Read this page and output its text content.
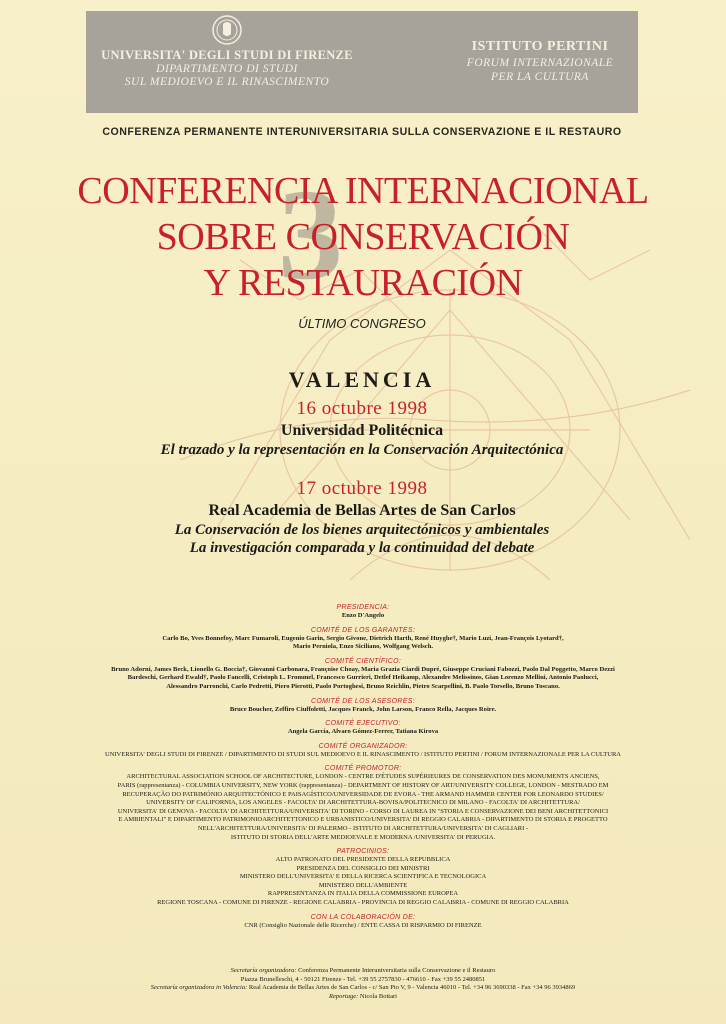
UNIVERSITA' DEGLI STUDI DI FIRENZE
DIPARTIMENTO DI STUDI
SUL MEDIOEVO E IL RINASCIMENTO
ISTITUTO PERTINI
FORUM INTERNAZIONALE
PER LA CULTURA
CONFERENZA PERMANENTE INTERUNIVERSITARIA SULLA CONSERVAZIONE E IL RESTAURO
3
CONFERENCIA INTERNACIONAL
SOBRE CONSERVACIÓN
Y RESTAURACIÓN
ÚLTIMO CONGRESO
VALENCIA
16 octubre 1998
Universidad Politécnica
El trazado y la representación en la Conservación Arquitectónica
17 octubre 1998
Real Academia de Bellas Artes de San Carlos
La Conservación de los bienes arquitectónicos y ambientales
La investigación comparada y la continuidad del debate
PRESIDENCIA:
Enzo D'Angelo
COMITÉ DE LOS GARANTES:
Carlo Bo, Yves Bonnefoy, Marc Fumaroli, Eugenio Garin, Sergio Givone, Dietrich Harth, René Huyghe†, Mario Luzi, Jean-François Lyotard†,
Mario Perniola, Enzo Siciliano, Wolfgang Welsch.
COMITÉ CIENTÍFICO:
Bruno Adorni, James Beck, Lionello G. Boccia†, Giovanni Carbonara, Françoise Choay, Maria Grazia Ciardi Dupré, Giuseppe Cruciani Fabozzi, Paolo Dal Poggetto, Marco Dezzi
Bardeschi, Gerhard Ewald†, Paolo Fancelli, Cristoph L. Frommel, Francesco Gurrieri, Detlef Heikamp, Alexandre Melissinos, Gian Lorenzo Mellini, Antonio Paolucci,
Alessandro Parronchi, Carlo Pedretti, Piero Pierotti, Paolo Portoghesi, Bruno Reichlin, Pietro Scarpellini, B. Paolo Torsello, Bruno Toscano.
COMITÉ DE LOS ASESORES:
Bruce Boucher, Zeffiro Ciuffoletti, Jacques Franck, John Larson, Franco Rella, Jacques Roire.
COMITÉ EJECUTIVO:
Angela García, Alvaro Gómez-Ferrer, Tatiana Kirova
COMITÉ ORGANIZADOR:
UNIVERSITA' DEGLI STUDI DI FIRENZE / DIPARTIMENTO DI STUDI SUL MEDIOEVO E IL RINASCIMENTO / ISTITUTO PERTINI / FORUM INTERNAZIONALE PER LA CULTURA
COMITÉ PROMOTOR:
ARCHITECTURAL ASSOCIATION SCHOOL OF ARCHITECTURE, LONDON - CENTRE D'ÉTUDES SUPÉRIEURES DE CONSERVATION DES MONUMENTS ANCIENS,
PARIS (rappresentanza) - COLUMBIA UNIVERSITY, NEW YORK (rappresentanza) - DEPARTMENT OF HISTORY OF ART/UNIVERSITY COLLEGE, LONDON - MESTRADO EM
RECUPERAÇÃO DO PATRIMÓNIO ARQUITECTÓNICO E PAISAGÍSTICO/UNIVERSIDADE DE EVORA - THE ARMAND HAMMER CENTER FOR LEONARDO STUDIES/
UNIVERSITY OF CALIFORNIA, LOS ANGELES - FACOLTA' DI ARCHITETTURA-BOVISA/POLITECNICO DI MILANO - FACOLTA' DI ARCHITETTURA/
UNIVERSITA' DI GENOVA - FACOLTA' DI ARCHITETTURA/UNIVERSITA' DI TORINO - CORSO DI LAUREA IN "STORIA E CONSERVAZIONE DEI BENI ARCHITETTONICI
E AMBIENTALI" E DIPARTIMENTO PATRIMONIOARCHITETTONICO E URBANISTICO/UNIVERSITA' DI REGGIO CALABRIA - DIPARTIMENTO DI STORIA E PROGETTO
NELL'ARCHITETTURA/UNIVERSITA' DI PALERMO - ISTITUTO DI ARCHITETTURA/UNIVERSITA' DI CAGLIARI -
ISTITUTO DI STORIA DELL'ARTE MEDIOEVALE E MODERNA /UNIVERSITA' DI PERUGIA.
PATROCINIOS:
ALTO PATRONATO DEL PRESIDENTE DELLA REPUBBLICA
PRESIDENZA DEL CONSIGLIO DEI MINISTRI
MINISTERO DELL'UNIVERSITA' E DELLA RICERCA SCIENTIFICA E TECNOLOGICA
MINISTERO DELL'AMBIENTE
RAPPRESENTANZA IN ITALIA DELLA COMMISSIONE EUROPEA
REGIONE TOSCANA - COMUNE DI FIRENZE - REGIONE CALABRIA - PROVINCIA DI REGGIO CALABRIA - COMUNE DI REGGIO CALABRIA
CON LA COLABORACIÓN DE:
CNR (Consiglio Nazionale delle Ricerche) / ENTE CASSA DI RISPARMIO DI FIRENZE
Secretaría organizadora: Conferenza Permanente Interuniversitaria sulla Conservazione e il Restauro
Piazza Brunelleschi, 4 - 50121 Firenze - Tel. +39 55 2757830 - 476610 - Fax +39 55 2480851
Secretaría organizadora in Valencia: Real Academia de Bellas Artes de San Carlos - c/ San Pio V, 9 - Valencia 46010 - Tel. +34 96 3690338 - Fax +34 96 3934869
Reportage: Nicola Bottari
